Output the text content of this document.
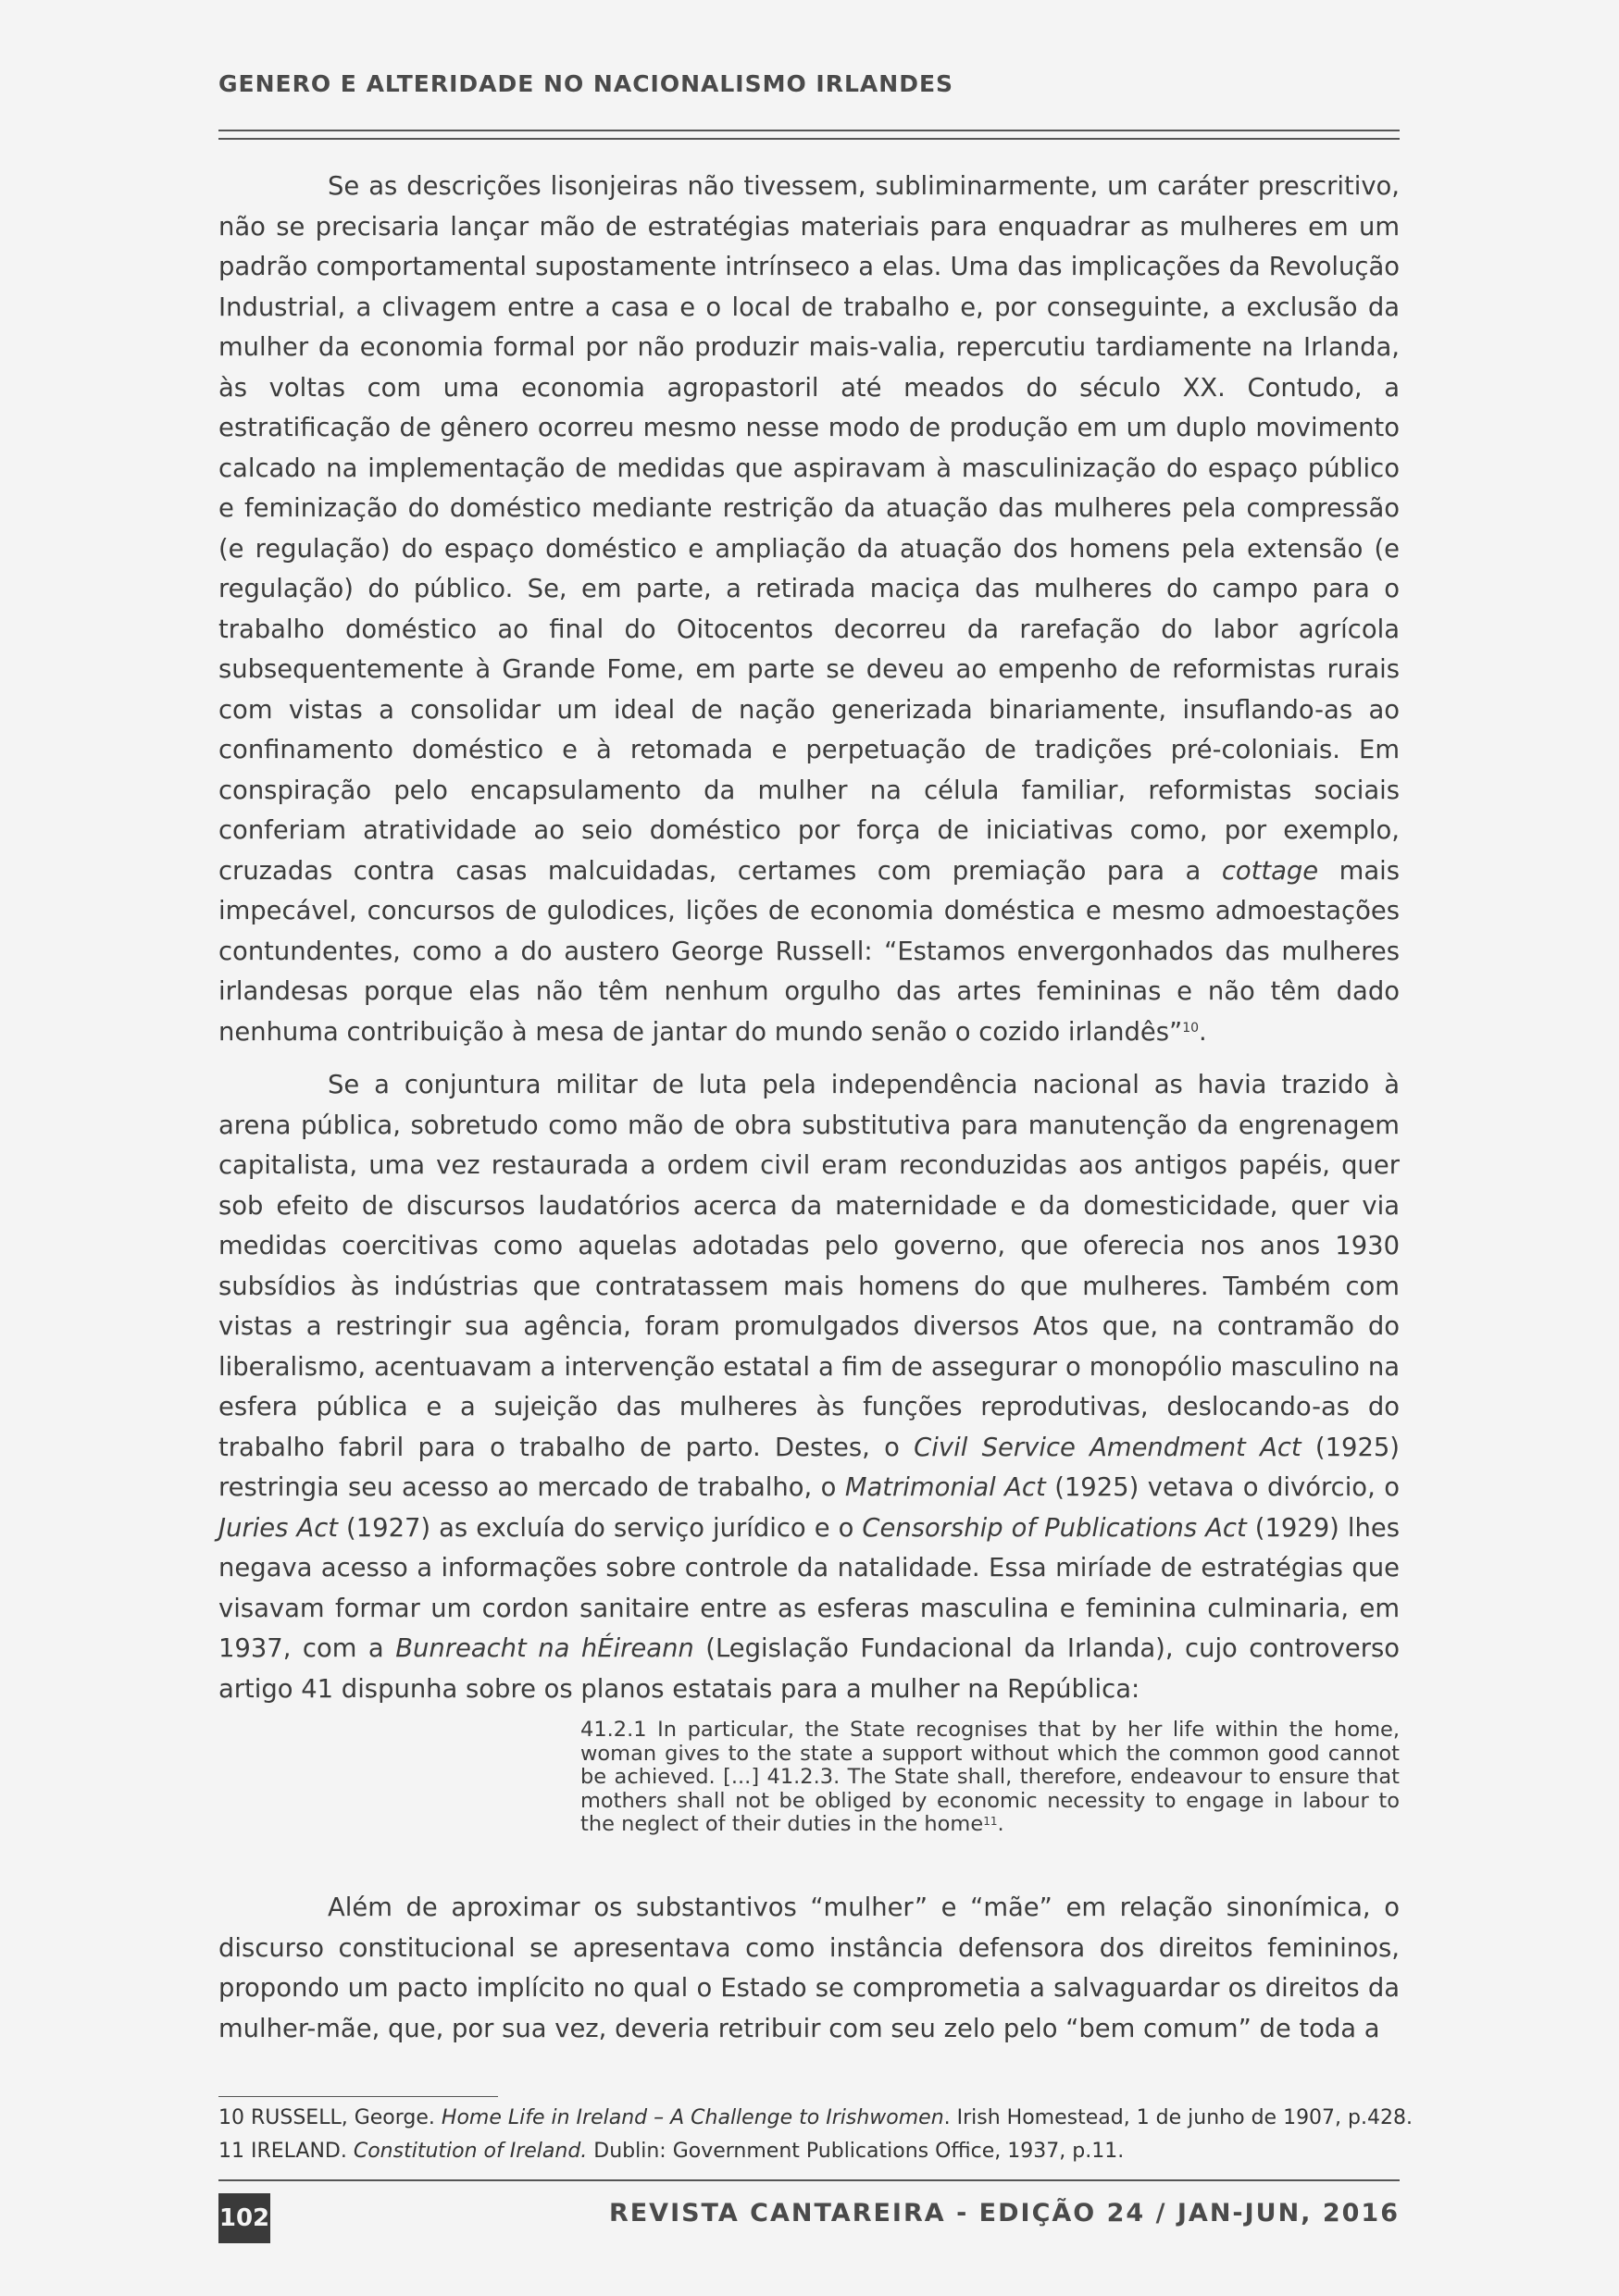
GENERO E ALTERIDADE NO NACIONALISMO IRLANDES

Se as descrições lisonjeiras não tivessem, subliminarmente, um caráter prescritivo, não se precisaria lançar mão de estratégias materiais para enquadrar as mulheres em um padrão comportamental supostamente intrínseco a elas. Uma das implicações da Revolução Industrial, a clivagem entre a casa e o local de trabalho e, por conseguinte, a exclusão da mulher da economia formal por não produzir mais-valia, repercutiu tardiamente na Irlanda, às voltas com uma economia agropastoril até meados do século XX. Contudo, a estratificação de gênero ocorreu mesmo nesse modo de produção em um duplo movimento calcado na implementação de medidas que aspiravam à masculinização do espaço público e feminização do doméstico mediante restrição da atuação das mulheres pela compressão (e regulação) do espaço doméstico e ampliação da atuação dos homens pela extensão (e regulação) do público. Se, em parte, a retirada maciça das mulheres do campo para o trabalho doméstico ao final do Oitocentos decorreu da rarefação do labor agrícola subsequentemente à Grande Fome, em parte se deveu ao empenho de reformistas rurais com vistas a consolidar um ideal de nação generizada binariamente, insuflando-as ao confinamento doméstico e à retomada e perpetuação de tradições pré-coloniais. Em conspiração pelo encapsulamento da mulher na célula familiar, reformistas sociais conferiam atratividade ao seio doméstico por força de iniciativas como, por exemplo, cruzadas contra casas malcuidadas, certames com premiação para a cottage mais impecável, concursos de gulodices, lições de economia doméstica e mesmo admoestações contundentes, como a do austero George Russell: “Estamos envergonhados das mulheres irlandesas porque elas não têm nenhum orgulho das artes femininas e não têm dado nenhuma contribuição à mesa de jantar do mundo senão o cozido irlandês”$^{10}$.

Se a conjuntura militar de luta pela independência nacional as havia trazido à arena pública, sobretudo como mão de obra substitutiva para manutenção da engrenagem capitalista, uma vez restaurada a ordem civil eram reconduzidas aos antigos papéis, quer sob efeito de discursos laudatórios acerca da maternidade e da domesticidade, quer via medidas coercitivas como aquelas adotadas pelo governo, que oferecia nos anos 1930 subsídios às indústrias que contratassem mais homens do que mulheres. Também com vistas a restringir sua agência, foram promulgados diversos Atos que, na contramão do liberalismo, acentuavam a intervenção estatal a fim de assegurar o monopólio masculino na esfera pública e a sujeição das mulheres às funções reprodutivas, deslocando-as do trabalho fabril para o trabalho de parto. Destes, o Civil Service Amendment Act (1925) restringia seu acesso ao mercado de trabalho, o Matrimonial Act (1925) vetava o divórcio, o Juries Act (1927) as excluía do serviço jurídico e o Censorship of Publications Act (1929) lhes negava acesso a informações sobre controle da natalidade. Essa miríade de estratégias que visavam formar um cordon sanitaire entre as esferas masculina e feminina culminaria, em 1937, com a Bunreacht na hÉireann (Legislação Fundacional da Irlanda), cujo controverso artigo 41 dispunha sobre os planos estatais para a mulher na República:

41.2.1 In particular, the State recognises that by her life within the home, woman gives to the state a support without which the common good cannot be achieved. [...] 41.2.3. The State shall, therefore, endeavour to ensure that mothers shall not be obliged by economic necessity to engage in labour to the neglect of their duties in the home$^{11}$.

Além de aproximar os substantivos “mulher” e “mãe” em relação sinonímica, o discurso constitucional se apresentava como instância defensora dos direitos femininos, propondo um pacto implícito no qual o Estado se comprometia a salvaguardar os direitos da mulher-mãe, que, por sua vez, deveria retribuir com seu zelo pelo “bem comum” de toda a

10 RUSSELL, George. Home Life in Ireland – A Challenge to Irishwomen. Irish Homestead, 1 de junho de 1907, p.428.
11 IRELAND. Constitution of Ireland. Dublin: Government Publications Office, 1937, p.11.
102	REVISTA CANTAREIRA - EDIÇÃO 24 / JAN-JUN, 2016
